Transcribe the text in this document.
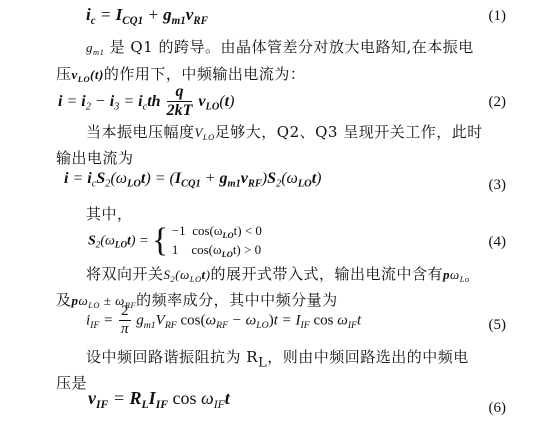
$i_c = I_{CQ1} + g_{m1}v_{RF}$	(1)
$g_{m1}$ 是 Q1 的跨导。由晶体管差分对放大电路知,在本振电
压$v_{LO}(t)$的作用下，中频输出电流为：
$i = i_2 - i_3 = i_cth \frac{q}{2kT} v_{LO}(t)$	(2)
当本振电压幅度$V_{LO}$足够大，Q2、Q3 呈现开关工作，此时
输出电流为
$i = i_cS_2(\omega_{LO}t) = (I_{CQ1} + g_{m1}v_{RF})S_2(\omega_{LO}t)$	(3)
其中，
$S_2(\omega_{LO}t)$ = { −1 $\cos(\omega_{LO}t) < 0$
1 $\cos(\omega_{LO}t) > 0$	(4)
将双向开关$S_2(\omega_{LO}t)$的展开式带入式，输出电流中含有$p\omega_{Lo}$
及$p\omega_{LO} \pm \omega_{RF}$的频率成分，其中中频分量为
$i_{IF} = \frac{2}{\pi} g_{m1}V_{RF}$ $\cos(\omega_{RF} - \omega_{LO})t = I_{IF}$ $\cos \omega_{IF}t$	(5)
设中频回路谐振阻抗为 $R_L$，则由中频回路选出的中频电
压是
$v_{IF} = R_LI_{IF}$ $\cos \omega_{IF}t$	(6)
